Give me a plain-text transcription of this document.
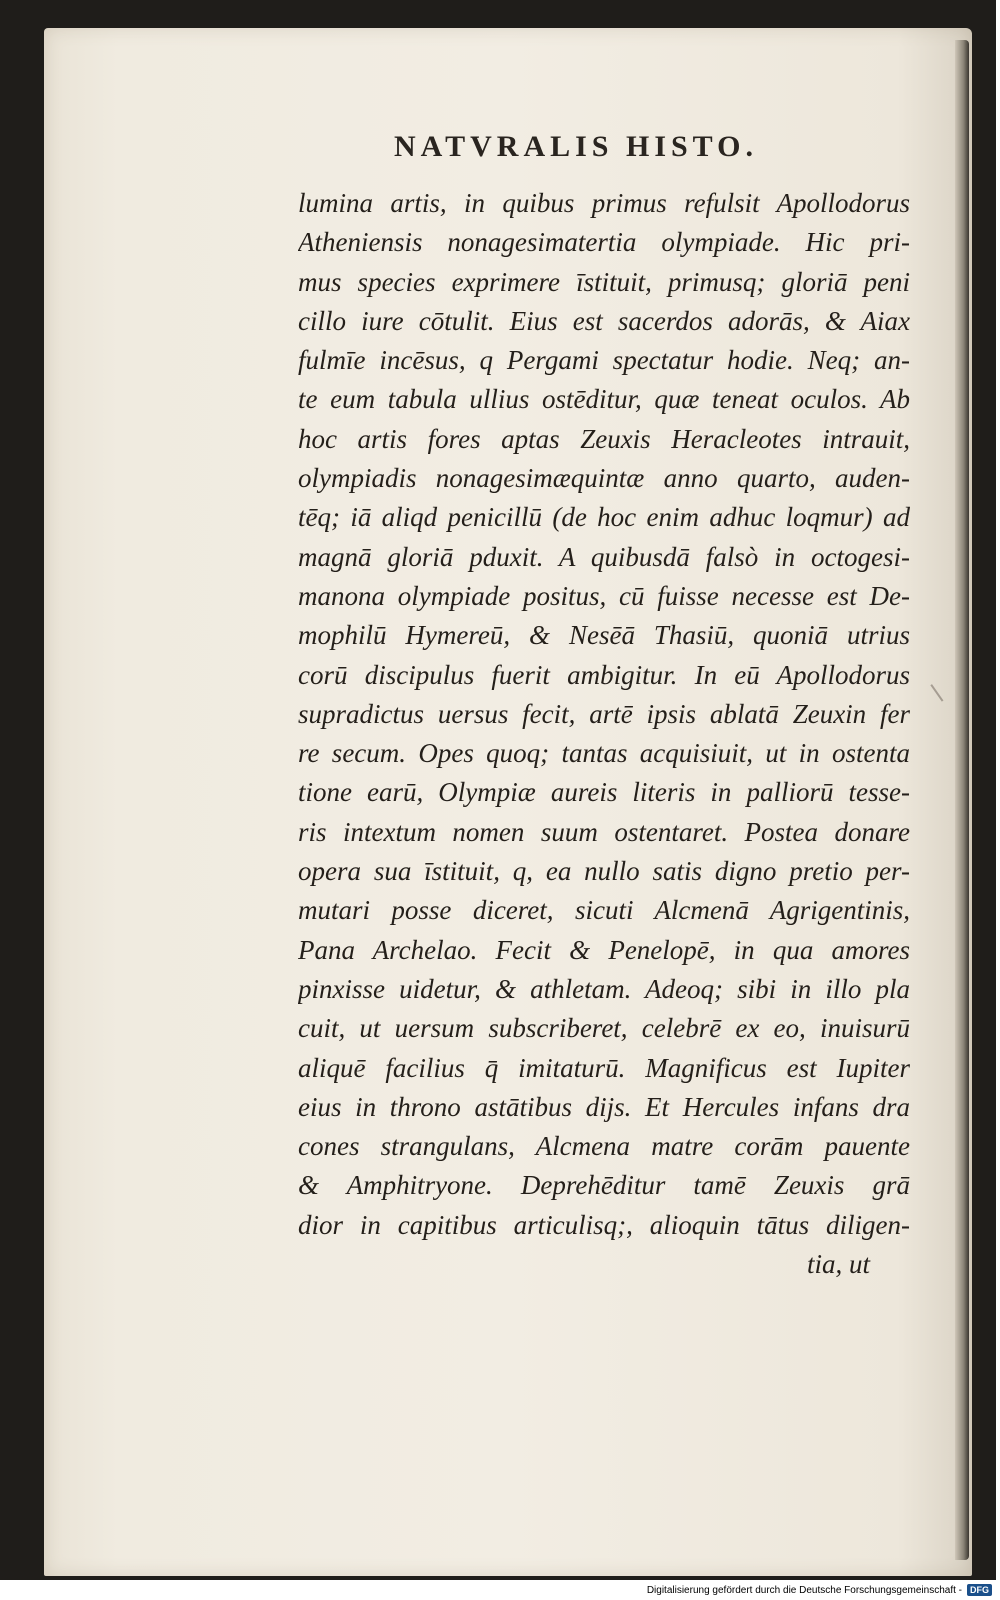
NATVRALIS HISTO.
lumina artis, in quibus primus refulsit Apollodorus
Atheniensis nonagesimatertia olympiade. Hic pri-
mus species exprimere īstituit, primusq; gloriā peni
cillo iure cōtulit. Eius est sacerdos adorās, & Aiax
fulmīe incēsus, q Pergami spectatur hodie. Neq; an-
te eum tabula ullius ostēditur, quæ teneat oculos. Ab
hoc artis fores aptas Zeuxis Heracleotes intrauit,
olympiadis nonagesimæquintæ anno quarto, auden-
tēq; iā aliqd penicillū (de hoc enim adhuc loqmur) ad
magnā gloriā pduxit. A quibusdā falsò in octogesi-
manona olympiade positus, cū fuisse necesse est De-
mophilū Hymereū, & Nesēā Thasiū, quoniā utrius
corū discipulus fuerit ambigitur. In eū Apollodorus
supradictus uersus fecit, artē ipsis ablatā Zeuxin fer
re secum. Opes quoq; tantas acquisiuit, ut in ostenta
tione earū, Olympiæ aureis literis in palliorū tesse-
ris intextum nomen suum ostentaret. Postea donare
opera sua īstituit, q, ea nullo satis digno pretio per-
mutari posse diceret, sicuti Alcmenā Agrigentinis,
Pana Archelao. Fecit & Penelopē, in qua amores
pinxisse uidetur, & athletam. Adeoq; sibi in illo pla
cuit, ut uersum subscriberet, celebrē ex eo, inuisurū
aliquē facilius q̄ imitaturū. Magnificus est Iupiter
eius in throno astātibus dijs. Et Hercules infans dra
cones strangulans, Alcmena matre corām pauente
& Amphitryone. Deprehēditur tamē Zeuxis grā
dior in capitibus articulisq;, alioquin tātus diligen-
tia, ut
Digitalisierung gefördert durch die Deutsche Forschungsgemeinschaft - DFG
